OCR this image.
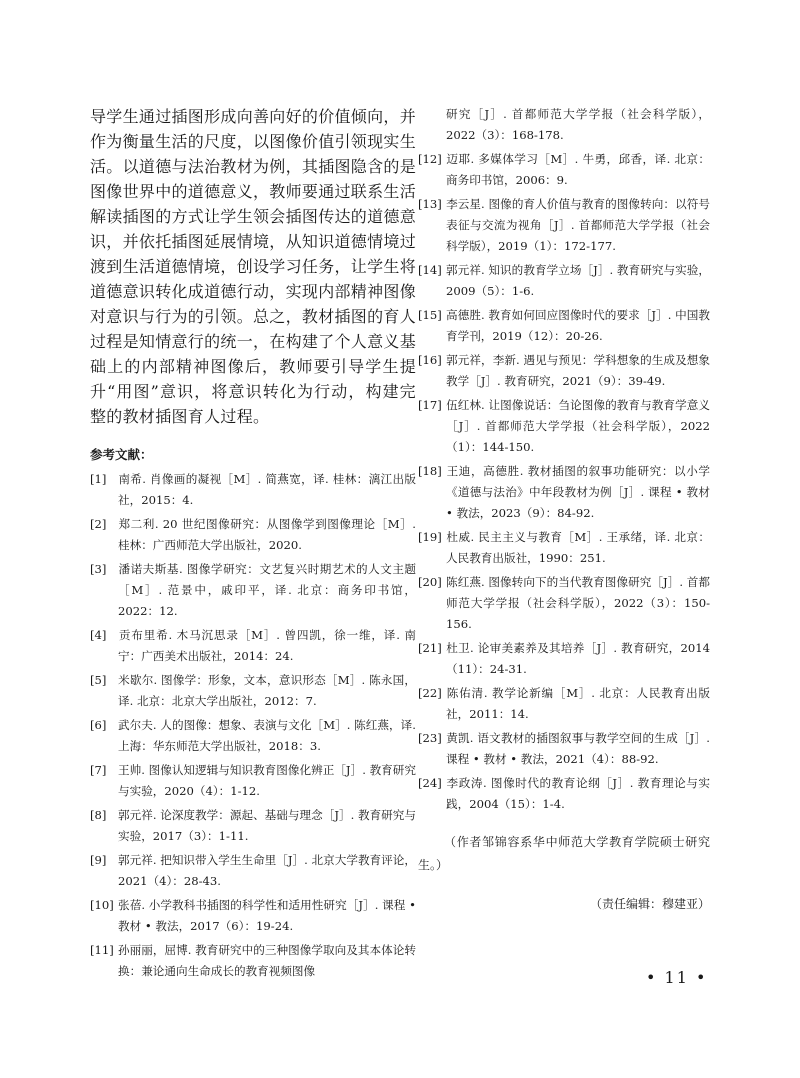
导学生通过插图形成向善向好的价值倾向，并作为衡量生活的尺度，以图像价值引领现实生活。以道德与法治教材为例，其插图隐含的是图像世界中的道德意义，教师要通过联系生活解读插图的方式让学生领会插图传达的道德意识，并依托插图延展情境，从知识道德情境过渡到生活道德情境，创设学习任务，让学生将道德意识转化成道德行动，实现内部精神图像对意识与行为的引领。总之，教材插图的育人过程是知情意行的统一，在构建了个人意义基础上的内部精神图像后，教师要引导学生提升“用图”意识，将意识转化为行动，构建完整的教材插图育人过程。

参考文献：
[1] 南希. 肖像画的凝视［M］. 简燕宽，译. 桂林：漓江出版社，2015：4.
[2] 郑二利. 20 世纪图像研究：从图像学到图像理论［M］. 桂林：广西师范大学出版社，2020.
[3] 潘诺夫斯基. 图像学研究：文艺复兴时期艺术的人文主题［M］. 范景中，戚印平，译. 北京：商务印书馆，2022：12.
[4] 贡布里希. 木马沉思录［M］. 曾四凯，徐一维，译. 南宁：广西美术出版社，2014：24.
[5] 米歇尔. 图像学：形象，文本，意识形态［M］. 陈永国，译. 北京：北京大学出版社，2012：7.
[6] 武尔夫. 人的图像：想象、表演与文化［M］. 陈红燕，译. 上海：华东师范大学出版社，2018：3.
[7] 王帅. 图像认知逻辑与知识教育图像化辨正［J］. 教育研究与实验，2020（4）：1-12.
[8] 郭元祥. 论深度教学：源起、基础与理念［J］. 教育研究与实验，2017（3）：1-11.
[9] 郭元祥. 把知识带入学生生命里［J］. 北京大学教育评论，2021（4）：28-43.
[10] 张蓓. 小学教科书插图的科学性和适用性研究［J］. 课程 • 教材 • 教法，2017（6）：19-24.
[11] 孙丽丽，屈博. 教育研究中的三种图像学取向及其本体论转换：兼论通向生命成长的教育视频图像
研究［J］. 首都师范大学学报（社会科学版），2022（3）：168-178.
[12] 迈耶. 多媒体学习［M］. 牛勇，邱香，译. 北京：商务印书馆，2006：9.
[13] 李云星. 图像的育人价值与教育的图像转向：以符号表征与交流为视角［J］. 首都师范大学学报（社会科学版），2019（1）：172-177.
[14] 郭元祥. 知识的教育学立场［J］. 教育研究与实验，2009（5）：1-6.
[15] 高德胜. 教育如何回应图像时代的要求［J］. 中国教育学刊，2019（12）：20-26.
[16] 郭元祥，李新. 遇见与预见：学科想象的生成及想象教学［J］. 教育研究，2021（9）：39-49.
[17] 伍红林. 让图像说话：刍论图像的教育与教育学意义［J］. 首都师范大学学报（社会科学版），2022（1）：144-150.
[18] 王迪，高德胜. 教材插图的叙事功能研究：以小学《道德与法治》中年段教材为例［J］. 课程 • 教材 • 教法，2023（9）：84-92.
[19] 杜威. 民主主义与教育［M］. 王承绪，译. 北京：人民教育出版社，1990：251.
[20] 陈红燕. 图像转向下的当代教育图像研究［J］. 首都师范大学学报（社会科学版），2022（3）：150-156.
[21] 杜卫. 论审美素养及其培养［J］. 教育研究，2014（11）：24-31.
[22] 陈佑清. 教学论新编［M］. 北京：人民教育出版社，2011：14.
[23] 黄凯. 语文教材的插图叙事与教学空间的生成［J］. 课程 • 教材 • 教法，2021（4）：88-92.
[24] 李政涛. 图像时代的教育论纲［J］. 教育理论与实践，2004（15）：1-4.

（作者邹锦容系华中师范大学教育学院硕士研究生。）

（责任编辑：穆建亚）
• 11 •
